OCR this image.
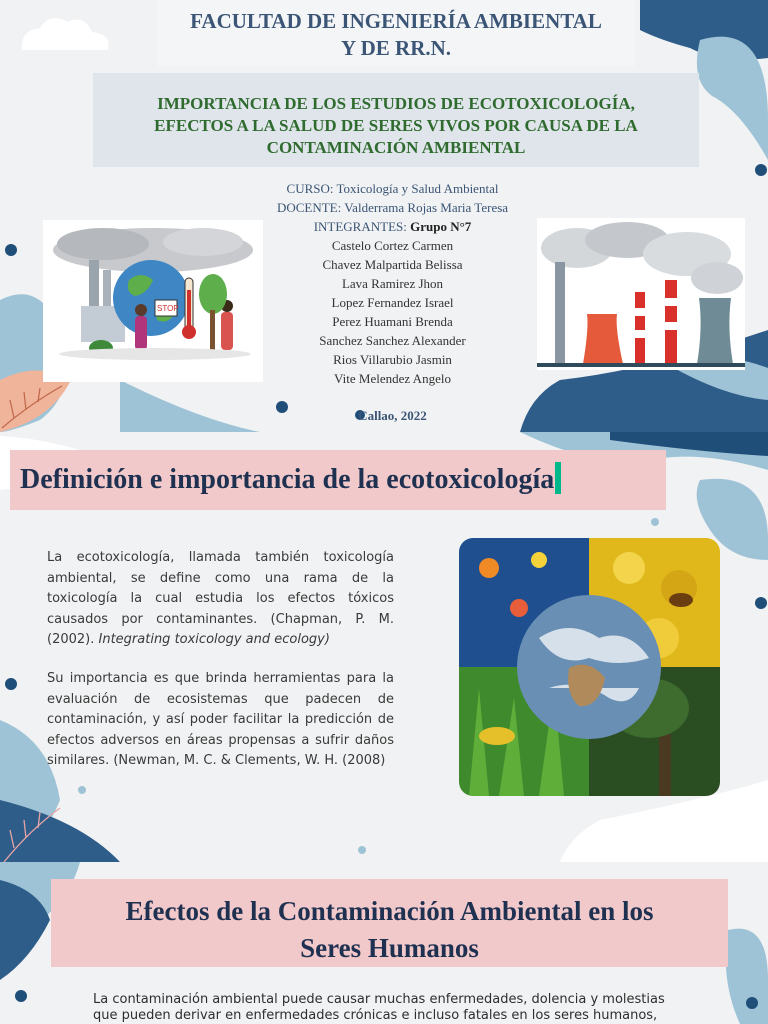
FACULTAD DE INGENIERÍA AMBIENTAL
Y DE RR.N.
IMPORTANCIA DE LOS ESTUDIOS DE ECOTOXICOLOGÍA,
EFECTOS A LA SALUD DE SERES VIVOS POR CAUSA DE LA
CONTAMINACIÓN AMBIENTAL
CURSO: Toxicología y Salud Ambiental
DOCENTE: Valderrama Rojas Maria Teresa
INTEGRANTES: Grupo N°7
Castelo Cortez Carmen
Chavez Malpartida Belissa
Lava Ramirez Jhon
Lopez Fernandez Israel
Perez Huamani Brenda
Sanchez Sanchez Alexander
Rios Villarubio Jasmin
Vite Melendez Angelo
Callao, 2022
STOP
Definición e importancia de la ecotoxicología

La ecotoxicología, llamada también toxicología ambiental, se define como una rama de la toxicología la cual estudia los efectos tóxicos causados por contaminantes. (Chapman, P. M. (2002). Integrating toxicology and ecology)

Su importancia es que brinda herramientas para la evaluación de ecosistemas que padecen de contaminación, y así poder facilitar la predicción de efectos adversos en áreas propensas a sufrir daños similares. (Newman, M. C. & Clements, W. H. (2008)

Efectos de la Contaminación Ambiental en los
Seres Humanos
La contaminación ambiental puede causar muchas enfermedades, dolencia y molestias
que pueden derivar en enfermedades crónicas e incluso fatales en los seres humanos,
